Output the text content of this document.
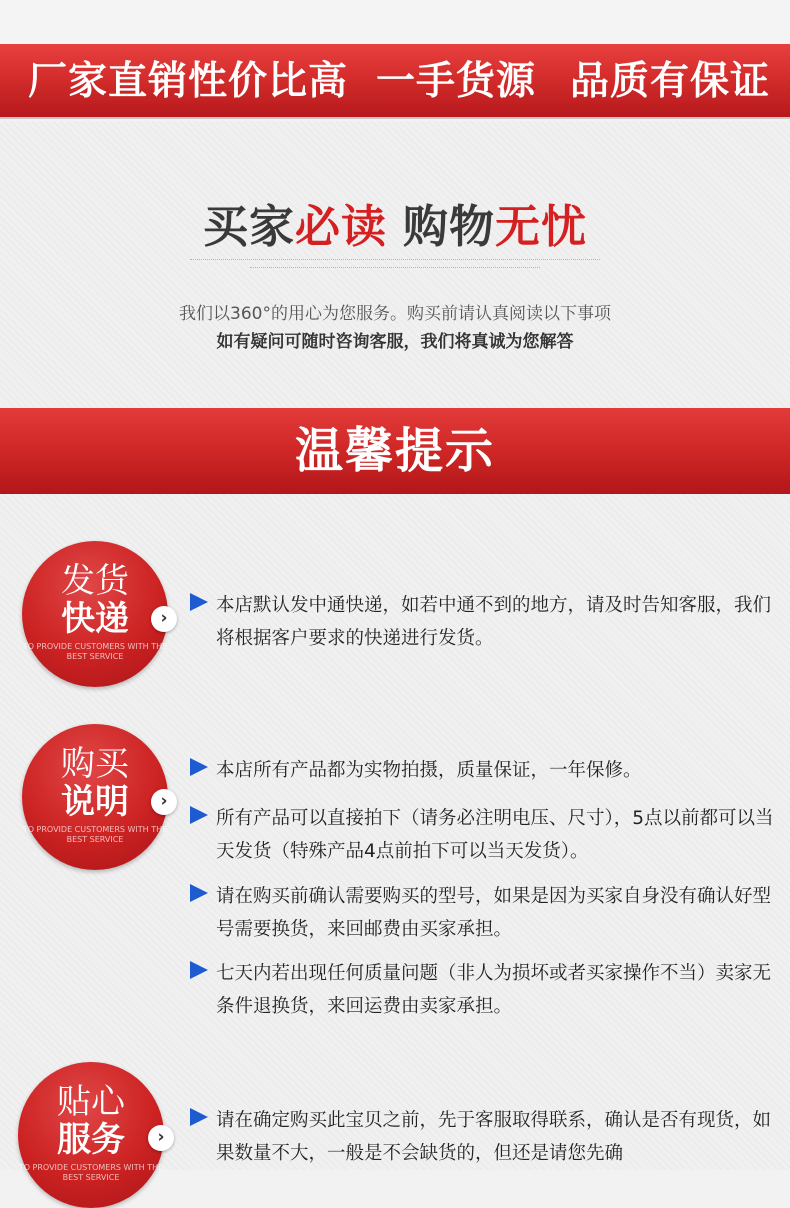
厂家直销性价比高 一手货源 品质有保证
买家必读 购物无忧
我们以360°的用心为您服务。购买前请认真阅读以下事项
如有疑问可随时咨询客服，我们将真诚为您解答
温馨提示
发货
快递
TO PROVIDE CUSTOMERS WITH THE BEST SERVICE
›
本店默认发中通快递，如若中通不到的地方，请及时告知客服，我们将根据客户要求的快递进行发货。
购买
说明
TO PROVIDE CUSTOMERS WITH THE BEST SERVICE
›
本店所有产品都为实物拍摄，质量保证，一年保修。
所有产品可以直接拍下（请务必注明电压、尺寸），5点以前都可以当天发货（特殊产品4点前拍下可以当天发货）。
请在购买前确认需要购买的型号，如果是因为买家自身没有确认好型号需要换货，来回邮费由买家承担。
七天内若出现任何质量问题（非人为损坏或者买家操作不当）卖家无条件退换货，来回运费由卖家承担。
贴心
服务
TO PROVIDE CUSTOMERS WITH THE BEST SERVICE
›
请在确定购买此宝贝之前，先于客服取得联系，确认是否有现货，如果数量不大，一般是不会缺货的，但还是请您先确
